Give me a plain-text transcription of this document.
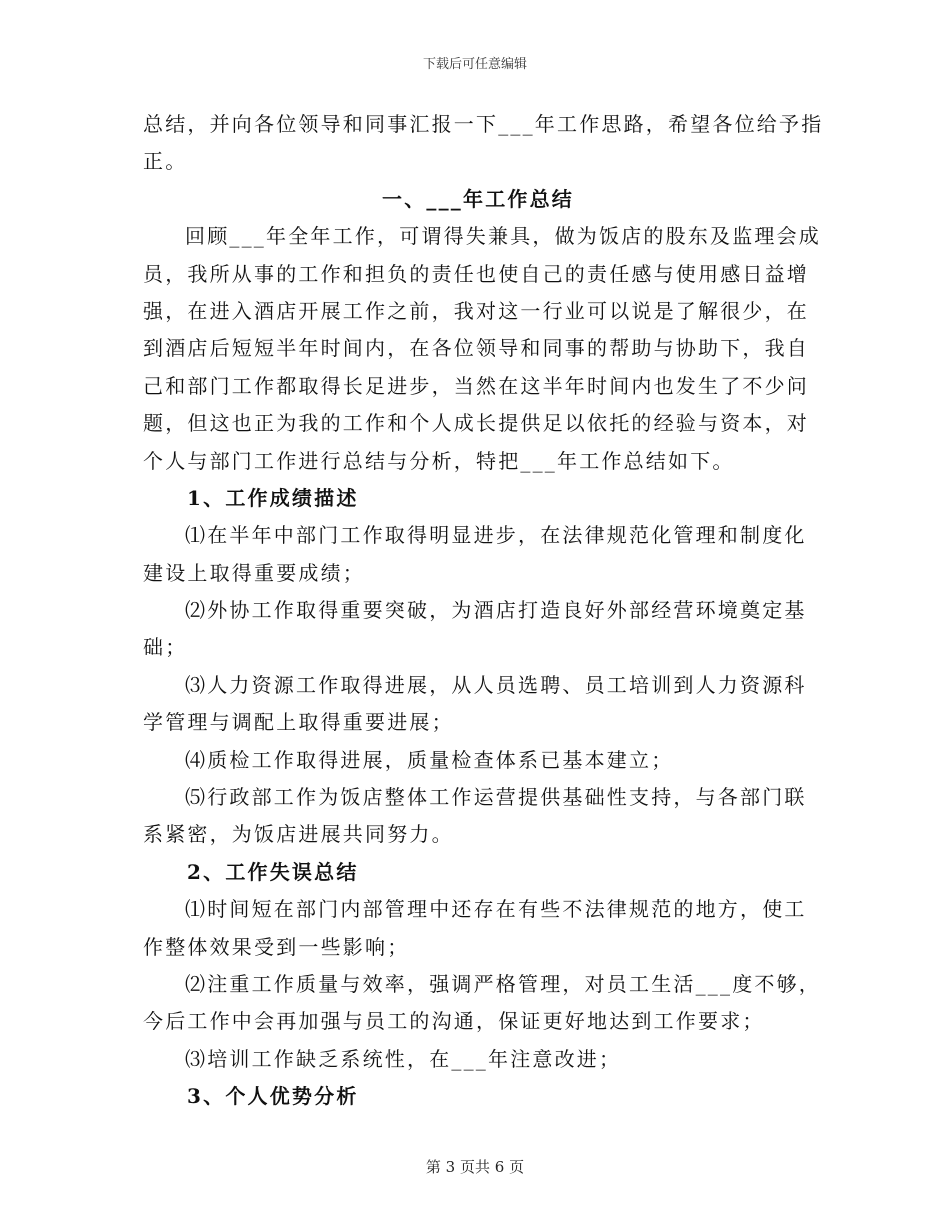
下载后可任意编辑
总结，并向各位领导和同事汇报一下___年工作思路，希望各位给予指
正。
一、___年工作总结
回顾___年全年工作，可谓得失兼具，做为饭店的股东及监理会成
员，我所从事的工作和担负的责任也使自己的责任感与使用感日益增
强，在进入酒店开展工作之前，我对这一行业可以说是了解很少，在
到酒店后短短半年时间内，在各位领导和同事的帮助与协助下，我自
己和部门工作都取得长足进步，当然在这半年时间内也发生了不少问
题，但这也正为我的工作和个人成长提供足以依托的经验与资本，对
个人与部门工作进行总结与分析，特把___年工作总结如下。
1、工作成绩描述
⑴在半年中部门工作取得明显进步，在法律规范化管理和制度化
建设上取得重要成绩；
⑵外协工作取得重要突破，为酒店打造良好外部经营环境奠定基
础；
⑶人力资源工作取得进展，从人员选聘、员工培训到人力资源科
学管理与调配上取得重要进展；
⑷质检工作取得进展，质量检查体系已基本建立；
⑸行政部工作为饭店整体工作运营提供基础性支持，与各部门联
系紧密，为饭店进展共同努力。
2、工作失误总结
⑴时间短在部门内部管理中还存在有些不法律规范的地方，使工
作整体效果受到一些影响；
⑵注重工作质量与效率，强调严格管理，对员工生活___度不够，
今后工作中会再加强与员工的沟通，保证更好地达到工作要求；
⑶培训工作缺乏系统性，在___年注意改进；
3、个人优势分析
第 3 页共 6 页
